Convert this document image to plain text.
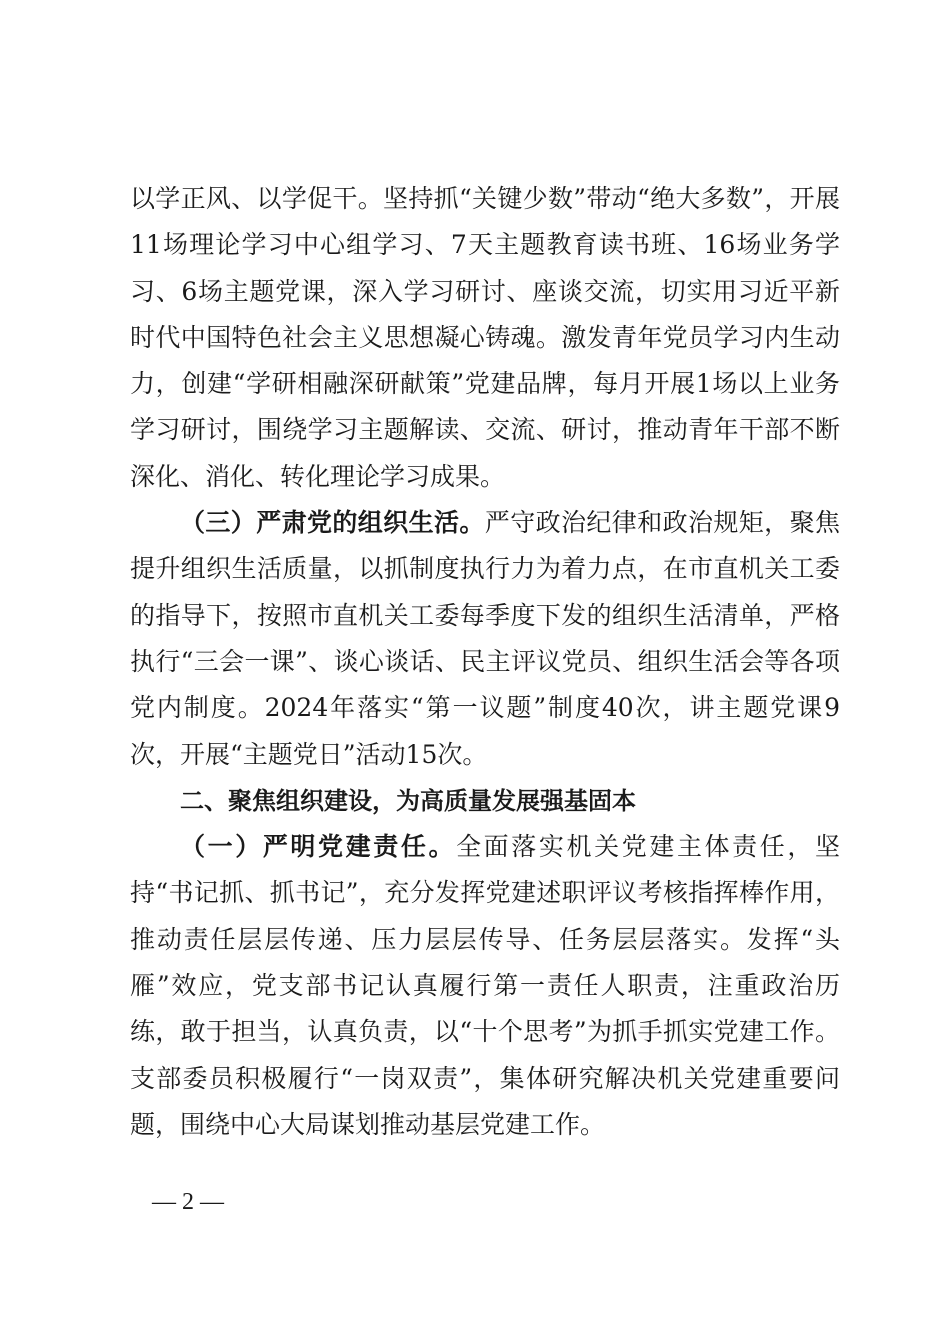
以学正风、以学促干。坚持抓“关键少数”带动“绝大多数”，开展11场理论学习中心组学习、7天主题教育读书班、16场业务学习、6场主题党课，深入学习研讨、座谈交流，切实用习近平新时代中国特色社会主义思想凝心铸魂。激发青年党员学习内生动力，创建“学研相融深研献策”党建品牌，每月开展1场以上业务学习研讨，围绕学习主题解读、交流、研讨，推动青年干部不断深化、消化、转化理论学习成果。

（三）严肃党的组织生活。严守政治纪律和政治规矩，聚焦提升组织生活质量，以抓制度执行力为着力点，在市直机关工委的指导下，按照市直机关工委每季度下发的组织生活清单，严格执行“三会一课”、谈心谈话、民主评议党员、组织生活会等各项党内制度。2024年落实“第一议题”制度40次，讲主题党课9次，开展“主题党日”活动15次。

二、聚焦组织建设，为高质量发展强基固本

（一）严明党建责任。全面落实机关党建主体责任，坚持“书记抓、抓书记”，充分发挥党建述职评议考核指挥棒作用，推动责任层层传递、压力层层传导、任务层层落实。发挥“头雁”效应，党支部书记认真履行第一责任人职责，注重政治历练，敢于担当，认真负责，以“十个思考”为抓手抓实党建工作。支部委员积极履行“一岗双责”，集体研究解决机关党建重要问题，围绕中心大局谋划推动基层党建工作。

— 2 —
